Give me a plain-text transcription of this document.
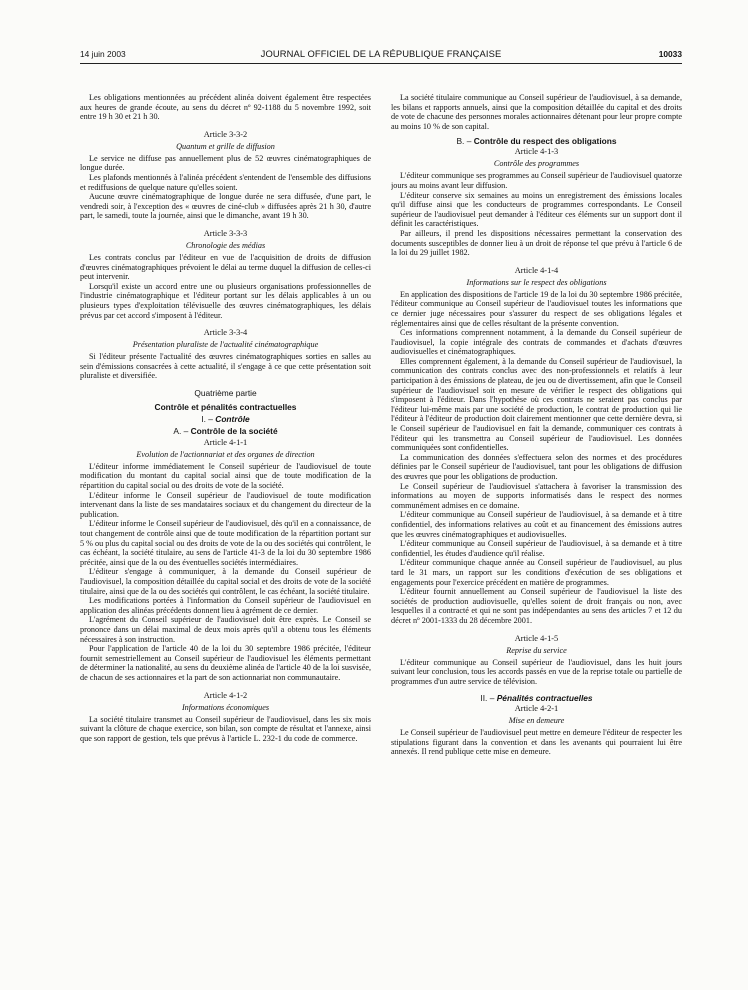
14 juin 2003	JOURNAL OFFICIEL DE LA RÉPUBLIQUE FRANÇAISE	10033

Les obligations mentionnées au précédent alinéa doivent également être respectées aux heures de grande écoute, au sens du décret nº 92-1188 du 5 novembre 1992, soit entre 19 h 30 et 21 h 30.

Article 3-3-2
Quantum et grille de diffusion

Le service ne diffuse pas annuellement plus de 52 œuvres cinématographiques de longue durée.

Les plafonds mentionnés à l'alinéa précédent s'entendent de l'ensemble des diffusions et rediffusions de quelque nature qu'elles soient.

Aucune œuvre cinématographique de longue durée ne sera diffusée, d'une part, le vendredi soir, à l'exception des « œuvres de ciné-club » diffusées après 21 h 30, d'autre part, le samedi, toute la journée, ainsi que le dimanche, avant 19 h 30.

Article 3-3-3
Chronologie des médias

Les contrats conclus par l'éditeur en vue de l'acquisition de droits de diffusion d'œuvres cinématographiques prévoient le délai au terme duquel la diffusion de celles-ci peut intervenir.

Lorsqu'il existe un accord entre une ou plusieurs organisations professionnelles de l'industrie cinématographique et l'éditeur portant sur les délais applicables à un ou plusieurs types d'exploitation télévisuelle des œuvres cinématographiques, les délais prévus par cet accord s'imposent à l'éditeur.

Article 3-3-4
Présentation pluraliste de l'actualité cinématographique

Si l'éditeur présente l'actualité des œuvres cinématographiques sorties en salles au sein d'émissions consacrées à cette actualité, il s'engage à ce que cette présentation soit pluraliste et diversifiée.

Quatrième partie
Contrôle et pénalités contractuelles
I. – Contrôle
A. – Contrôle de la société
Article 4-1-1
Evolution de l'actionnariat et des organes de direction

L'éditeur informe immédiatement le Conseil supérieur de l'audiovisuel de toute modification du montant du capital social ainsi que de toute modification de la répartition du capital social ou des droits de vote de la société.

L'éditeur informe le Conseil supérieur de l'audiovisuel de toute modification intervenant dans la liste de ses mandataires sociaux et du changement du directeur de la publication.

L'éditeur informe le Conseil supérieur de l'audiovisuel, dès qu'il en a connaissance, de tout changement de contrôle ainsi que de toute modification de la répartition portant sur 5 % ou plus du capital social ou des droits de vote de la ou des sociétés qui contrôlent, le cas échéant, la société titulaire, au sens de l'article 41-3 de la loi du 30 septembre 1986 précitée, ainsi que de la ou des éventuelles sociétés intermédiaires.

L'éditeur s'engage à communiquer, à la demande du Conseil supérieur de l'audiovisuel, la composition détaillée du capital social et des droits de vote de la société titulaire, ainsi que de la ou des sociétés qui contrôlent, le cas échéant, la société titulaire.

Les modifications portées à l'information du Conseil supérieur de l'audiovisuel en application des alinéas précédents donnent lieu à agrément de ce dernier.

L'agrément du Conseil supérieur de l'audiovisuel doit être exprès. Le Conseil se prononce dans un délai maximal de deux mois après qu'il a obtenu tous les éléments nécessaires à son instruction.

Pour l'application de l'article 40 de la loi du 30 septembre 1986 précitée, l'éditeur fournit semestriellement au Conseil supérieur de l'audiovisuel les éléments permettant de déterminer la nationalité, au sens du deuxième alinéa de l'article 40 de la loi susvisée, de chacun de ses actionnaires et la part de son actionnariat non communautaire.

Article 4-1-2
Informations économiques

La société titulaire transmet au Conseil supérieur de l'audiovisuel, dans les six mois suivant la clôture de chaque exercice, son bilan, son compte de résultat et l'annexe, ainsi que son rapport de gestion, tels que prévus à l'article L. 232-1 du code de commerce.

La société titulaire communique au Conseil supérieur de l'audiovisuel, à sa demande, les bilans et rapports annuels, ainsi que la composition détaillée du capital et des droits de vote de chacune des personnes morales actionnaires détenant pour leur propre compte au moins 10 % de son capital.

B. – Contrôle du respect des obligations
Article 4-1-3
Contrôle des programmes

L'éditeur communique ses programmes au Conseil supérieur de l'audiovisuel quatorze jours au moins avant leur diffusion.

L'éditeur conserve six semaines au moins un enregistrement des émissions locales qu'il diffuse ainsi que les conducteurs de programmes correspondants. Le Conseil supérieur de l'audiovisuel peut demander à l'éditeur ces éléments sur un support dont il définit les caractéristiques.

Par ailleurs, il prend les dispositions nécessaires permettant la conservation des documents susceptibles de donner lieu à un droit de réponse tel que prévu à l'article 6 de la loi du 29 juillet 1982.

Article 4-1-4
Informations sur le respect des obligations

En application des dispositions de l'article 19 de la loi du 30 septembre 1986 précitée, l'éditeur communique au Conseil supérieur de l'audiovisuel toutes les informations que ce dernier juge nécessaires pour s'assurer du respect de ses obligations légales et réglementaires ainsi que de celles résultant de la présente convention.

Ces informations comprennent notamment, à la demande du Conseil supérieur de l'audiovisuel, la copie intégrale des contrats de commandes et d'achats d'œuvres audiovisuelles et cinématographiques.

Elles comprennent également, à la demande du Conseil supérieur de l'audiovisuel, la communication des contrats conclus avec des non-professionnels et relatifs à leur participation à des émissions de plateau, de jeu ou de divertissement, afin que le Conseil supérieur de l'audiovisuel soit en mesure de vérifier le respect des obligations qui s'imposent à l'éditeur. Dans l'hypothèse où ces contrats ne seraient pas conclus par l'éditeur lui-même mais par une société de production, le contrat de production qui lie l'éditeur à l'éditeur de production doit clairement mentionner que cette dernière devra, si le Conseil supérieur de l'audiovisuel en fait la demande, communiquer ces contrats à l'éditeur qui les transmettra au Conseil supérieur de l'audiovisuel. Les données communiquées sont confidentielles.

La communication des données s'effectuera selon des normes et des procédures définies par le Conseil supérieur de l'audiovisuel, tant pour les obligations de diffusion des œuvres que pour les obligations de production.

Le Conseil supérieur de l'audiovisuel s'attachera à favoriser la transmission des informations au moyen de supports informatisés dans le respect des normes communément admises en ce domaine.

L'éditeur communique au Conseil supérieur de l'audiovisuel, à sa demande et à titre confidentiel, des informations relatives au coût et au financement des émissions autres que les œuvres cinématographiques et audiovisuelles.

L'éditeur communique au Conseil supérieur de l'audiovisuel, à sa demande et à titre confidentiel, les études d'audience qu'il réalise.

L'éditeur communique chaque année au Conseil supérieur de l'audiovisuel, au plus tard le 31 mars, un rapport sur les conditions d'exécution de ses obligations et engagements pour l'exercice précédent en matière de programmes.

L'éditeur fournit annuellement au Conseil supérieur de l'audiovisuel la liste des sociétés de production audiovisuelle, qu'elles soient de droit français ou non, avec lesquelles il a contracté et qui ne sont pas indépendantes au sens des articles 7 et 12 du décret nº 2001-1333 du 28 décembre 2001.

Article 4-1-5
Reprise du service

L'éditeur communique au Conseil supérieur de l'audiovisuel, dans les huit jours suivant leur conclusion, tous les accords passés en vue de la reprise totale ou partielle de programmes d'un autre service de télévision.

II. – Pénalités contractuelles
Article 4-2-1
Mise en demeure

Le Conseil supérieur de l'audiovisuel peut mettre en demeure l'éditeur de respecter les stipulations figurant dans la convention et dans les avenants qui pourraient lui être annexés. Il rend publique cette mise en demeure.
